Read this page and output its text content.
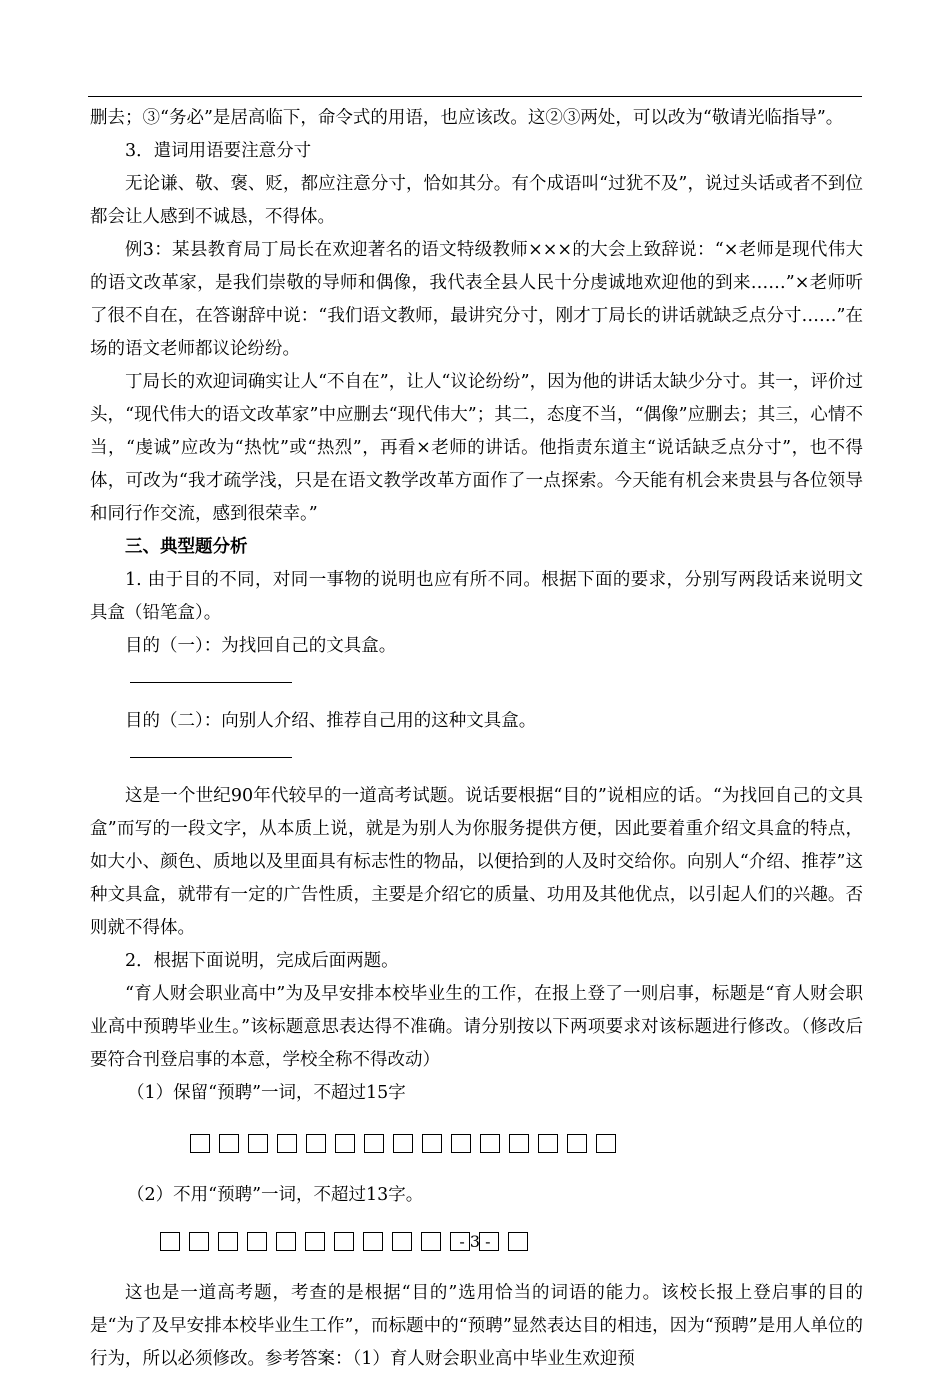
删去；③“务必”是居高临下，命令式的用语，也应该改。这②③两处，可以改为“敬请光临指导”。

3．遣词用语要注意分寸

无论谦、敬、褒、贬，都应注意分寸，恰如其分。有个成语叫“过犹不及”，说过头话或者不到位都会让人感到不诚恳，不得体。

例3：某县教育局丁局长在欢迎著名的语文特级教师×××的大会上致辞说：“×老师是现代伟大的语文改革家，是我们崇敬的导师和偶像，我代表全县人民十分虔诚地欢迎他的到来……”×老师听了很不自在，在答谢辞中说：“我们语文教师，最讲究分寸，刚才丁局长的讲话就缺乏点分寸……”在场的语文老师都议论纷纷。

丁局长的欢迎词确实让人“不自在”，让人“议论纷纷”，因为他的讲话太缺少分寸。其一，评价过头，“现代伟大的语文改革家”中应删去“现代伟大”；其二，态度不当，“偶像”应删去；其三，心情不当，“虔诚”应改为“热忱”或“热烈”，再看×老师的讲话。他指责东道主“说话缺乏点分寸”，也不得体，可改为“我才疏学浅，只是在语文教学改革方面作了一点探索。今天能有机会来贵县与各位领导和同行作交流，感到很荣幸。”

三、典型题分析

1. 由于目的不同，对同一事物的说明也应有所不同。根据下面的要求，分别写两段话来说明文具盒（铅笔盒）。

目的（一）：为找回自己的文具盒。

目的（二）：向别人介绍、推荐自己用的这种文具盒。

这是一个世纪90年代较早的一道高考试题。说话要根据“目的”说相应的话。“为找回自己的文具盒”而写的一段文字，从本质上说，就是为别人为你服务提供方便，因此要着重介绍文具盒的特点，如大小、颜色、质地以及里面具有标志性的物品，以便拾到的人及时交给你。向别人“介绍、推荐”这种文具盒，就带有一定的广告性质，主要是介绍它的质量、功用及其他优点，以引起人们的兴趣。否则就不得体。

2．根据下面说明，完成后面两题。

“育人财会职业高中”为及早安排本校毕业生的工作，在报上登了一则启事，标题是“育人财会职业高中预聘毕业生。”该标题意思表达得不准确。请分别按以下两项要求对该标题进行修改。（修改后要符合刊登启事的本意，学校全称不得改动）

（1）保留“预聘”一词，不超过15字

（2）不用“预聘”一词，不超过13字。

这也是一道高考题，考查的是根据“目的”选用恰当的词语的能力。该校长报上登启事的目的是“为了及早安排本校毕业生工作”，而标题中的“预聘”显然表达目的相违，因为“预聘”是用人单位的行为，所以必须修改。参考答案：（1）育人财会职业高中毕业生欢迎预

- 3 -
